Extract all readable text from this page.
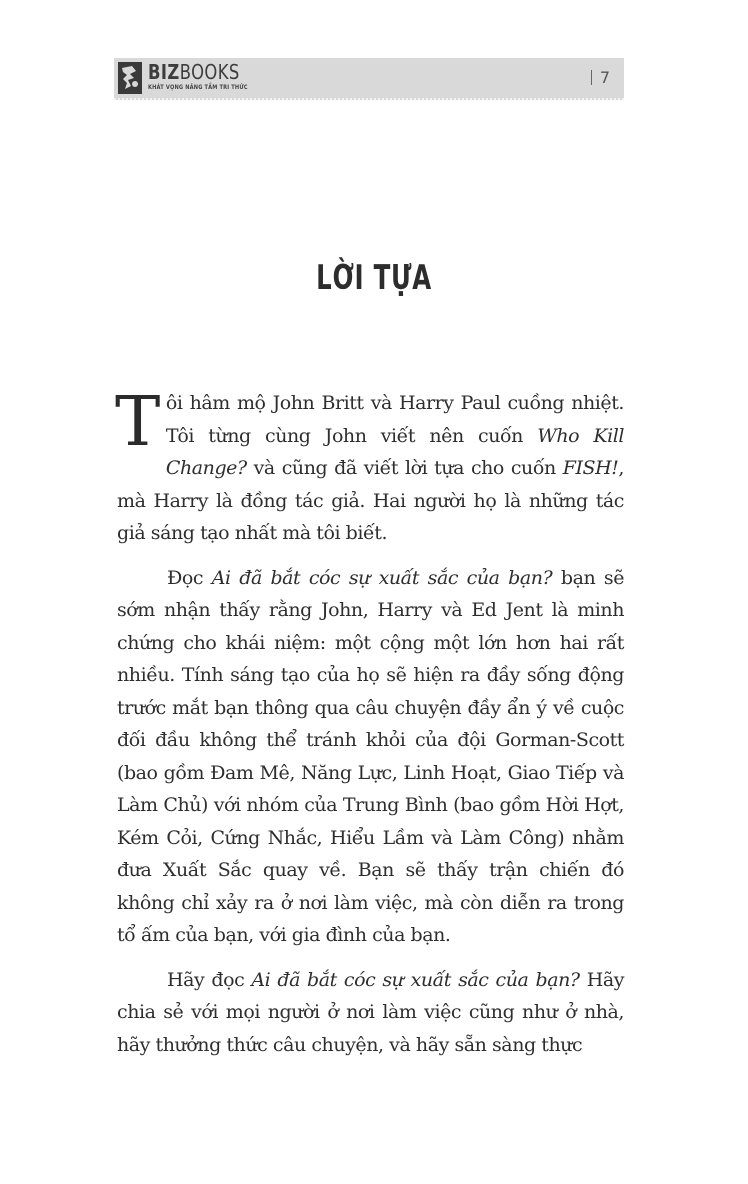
BIZBOOKS
KHÁT VỌNG NÂNG TẦM TRI THỨC
7
LỜI TỰA

Tôi hâm mộ John Britt và Harry Paul cuồng nhiệt. Tôi từng cùng John viết nên cuốn Who Kill Change? và cũng đã viết lời tựa cho cuốn FISH!, mà Harry là đồng tác giả. Hai người họ là những tác giả sáng tạo nhất mà tôi biết.

Đọc Ai đã bắt cóc sự xuất sắc của bạn? bạn sẽ sớm nhận thấy rằng John, Harry và Ed Jent là minh chứng cho khái niệm: một cộng một lớn hơn hai rất nhiều. Tính sáng tạo của họ sẽ hiện ra đầy sống động trước mắt bạn thông qua câu chuyện đầy ẩn ý về cuộc đối đầu không thể tránh khỏi của đội Gorman-Scott (bao gồm Đam Mê, Năng Lực, Linh Hoạt, Giao Tiếp và Làm Chủ) với nhóm của Trung Bình (bao gồm Hời Hợt, Kém Cỏi, Cứng Nhắc, Hiểu Lầm và Làm Công) nhằm đưa Xuất Sắc quay về. Bạn sẽ thấy trận chiến đó không chỉ xảy ra ở nơi làm việc, mà còn diễn ra trong tổ ấm của bạn, với gia đình của bạn.

Hãy đọc Ai đã bắt cóc sự xuất sắc của bạn? Hãy chia sẻ với mọi người ở nơi làm việc cũng như ở nhà, hãy thưởng thức câu chuyện, và hãy sẵn sàng thực
